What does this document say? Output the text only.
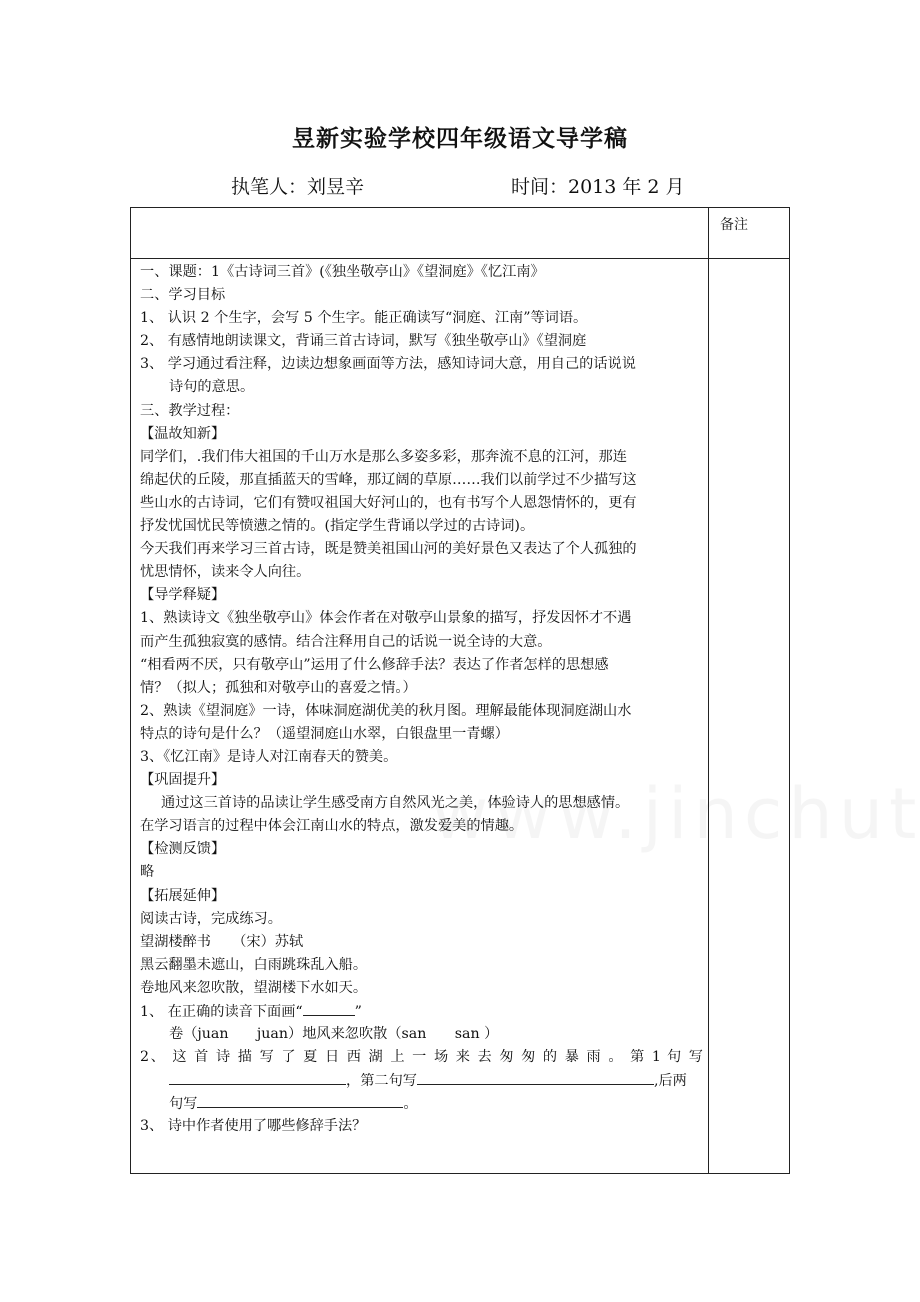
昱新实验学校四年级语文导学稿
执笔人：刘昱辛	时间：2013 年 2 月
备注
一、课题：1《古诗词三首》(《独坐敬亭山》《望洞庭》《忆江南》
二、学习目标
1、 认识 2 个生字，会写 5 个生字。能正确读写“洞庭、江南”等词语。
2、 有感情地朗读课文，背诵三首古诗词，默写《独坐敬亭山》《望洞庭
3、 学习通过看注释，边读边想象画面等方法，感知诗词大意，用自己的话说说
诗句的意思。
三、教学过程：
【温故知新】
同学们，.我们伟大祖国的千山万水是那么多姿多彩，那奔流不息的江河，那连
绵起伏的丘陵，那直插蓝天的雪峰，那辽阔的草原……我们以前学过不少描写这
些山水的古诗词，它们有赞叹祖国大好河山的，也有书写个人恩怨情怀的，更有
抒发忧国忧民等愤懑之情的。(指定学生背诵以学过的古诗词)。
今天我们再来学习三首古诗，既是赞美祖国山河的美好景色又表达了个人孤独的
忧思情怀，读来令人向往。
【导学释疑】
1、熟读诗文《独坐敬亭山》体会作者在对敬亭山景象的描写，抒发因怀才不遇
而产生孤独寂寞的感情。结合注释用自己的话说一说全诗的大意。
“相看两不厌，只有敬亭山”运用了什么修辞手法？表达了作者怎样的思想感
情？（拟人；孤独和对敬亭山的喜爱之情。）
2、熟读《望洞庭》一诗，体味洞庭湖优美的秋月图。理解最能体现洞庭湖山水
特点的诗句是什么？（遥望洞庭山水翠，白银盘里一青螺）
3、《忆江南》是诗人对江南春天的赞美。
【巩固提升】
通过这三首诗的品读让学生感受南方自然风光之美，体验诗人的思想感情。
在学习语言的过程中体会江南山水的特点，激发爱美的情趣。
【检测反馈】
略
【拓展延伸】
阅读古诗，完成练习。
望湖楼醉书　　（宋）苏轼
黑云翻墨未遮山，白雨跳珠乱入船。
卷地风来忽吹散，望湖楼下水如天。
1、 在正确的读音下面画“	”
卷（juan　　juan）地风来忽吹散（san　　san ）
2、 这 首 诗 描 写 了 夏 日 西 湖 上 一 场 来 去 匆 匆 的 暴 雨 。 第 1 句 写
，第二句写	,后两
句写	。
3、 诗中作者使用了哪些修辞手法？
